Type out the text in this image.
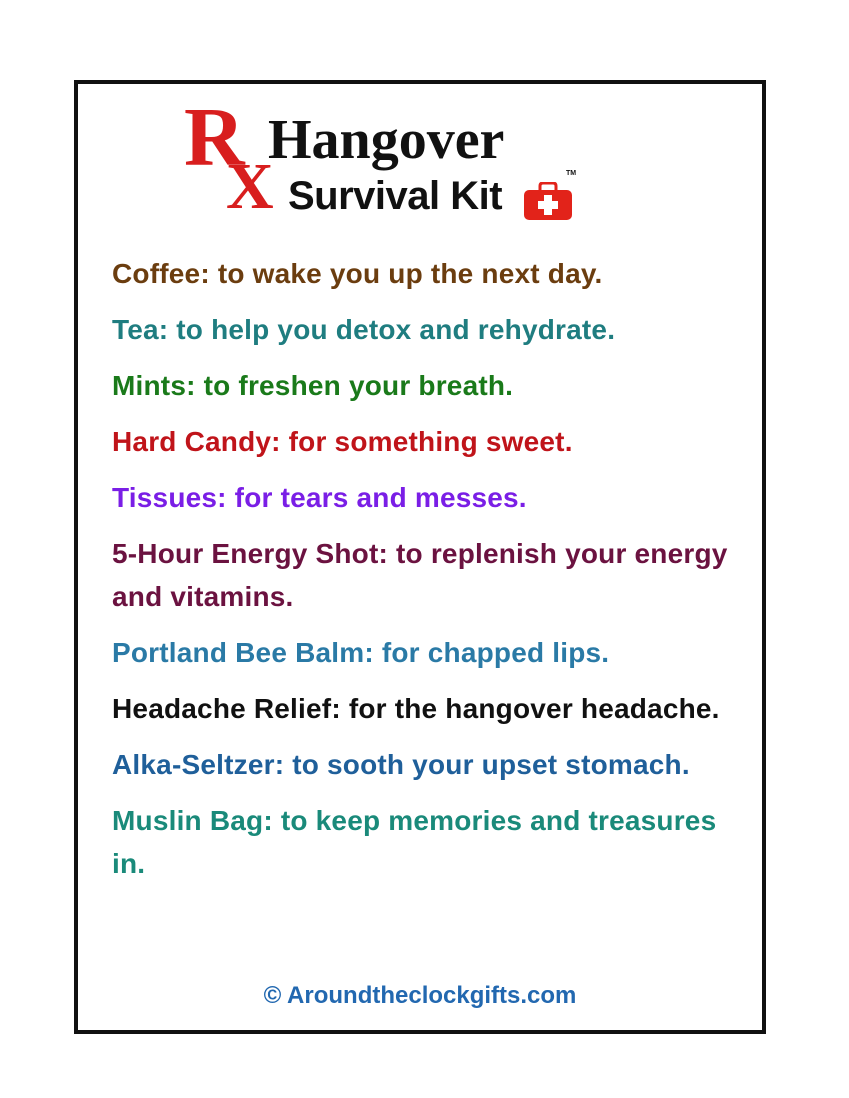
R
X
Hangover
Survival Kit
TM
Coffee: to wake you up the next day.
Tea: to help you detox and rehydrate.
Mints: to freshen your breath.
Hard Candy: for something sweet.
Tissues: for tears and messes.
5-Hour Energy Shot: to replenish your energy and vitamins.
Portland Bee Balm: for chapped lips.
Headache Relief: for the hangover headache.
Alka-Seltzer: to sooth your upset stomach.
Muslin Bag: to keep memories and treasures in.
© Aroundtheclockgifts.com
